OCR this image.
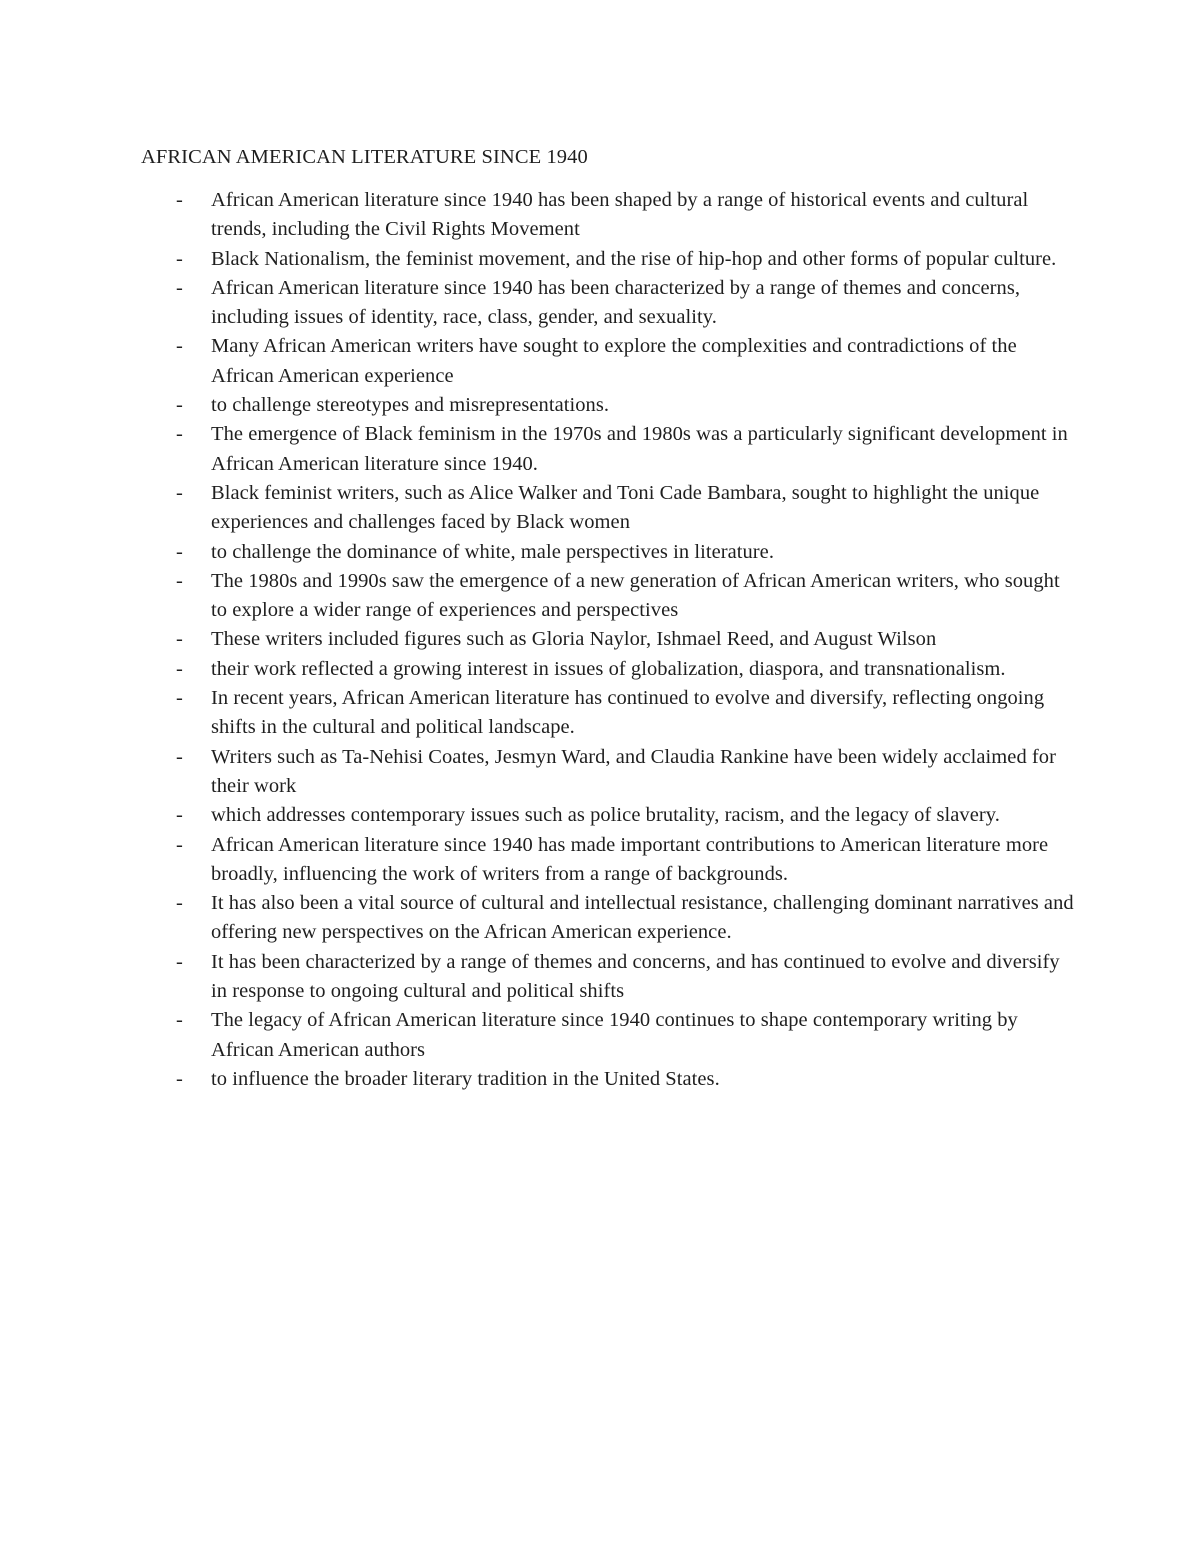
AFRICAN AMERICAN LITERATURE SINCE 1940
-	African American literature since 1940 has been shaped by a range of historical events and cultural trends, including the Civil Rights Movement
-	Black Nationalism, the feminist movement, and the rise of hip-hop and other forms of popular culture.
-	African American literature since 1940 has been characterized by a range of themes and concerns, including issues of identity, race, class, gender, and sexuality.
-	Many African American writers have sought to explore the complexities and contradictions of the African American experience
-	to challenge stereotypes and misrepresentations.
-	The emergence of Black feminism in the 1970s and 1980s was a particularly significant development in African American literature since 1940.
-	Black feminist writers, such as Alice Walker and Toni Cade Bambara, sought to highlight the unique experiences and challenges faced by Black women
-	to challenge the dominance of white, male perspectives in literature.
-	The 1980s and 1990s saw the emergence of a new generation of African American writers, who sought to explore a wider range of experiences and perspectives
-	These writers included figures such as Gloria Naylor, Ishmael Reed, and August Wilson
-	their work reflected a growing interest in issues of globalization, diaspora, and transnationalism.
-	In recent years, African American literature has continued to evolve and diversify, reflecting ongoing shifts in the cultural and political landscape.
-	Writers such as Ta-Nehisi Coates, Jesmyn Ward, and Claudia Rankine have been widely acclaimed for their work
-	which addresses contemporary issues such as police brutality, racism, and the legacy of slavery.
-	African American literature since 1940 has made important contributions to American literature more broadly, influencing the work of writers from a range of backgrounds.
-	It has also been a vital source of cultural and intellectual resistance, challenging dominant narratives and offering new perspectives on the African American experience.
-	It has been characterized by a range of themes and concerns, and has continued to evolve and diversify in response to ongoing cultural and political shifts
-	The legacy of African American literature since 1940 continues to shape contemporary writing by African American authors
-	to influence the broader literary tradition in the United States.
